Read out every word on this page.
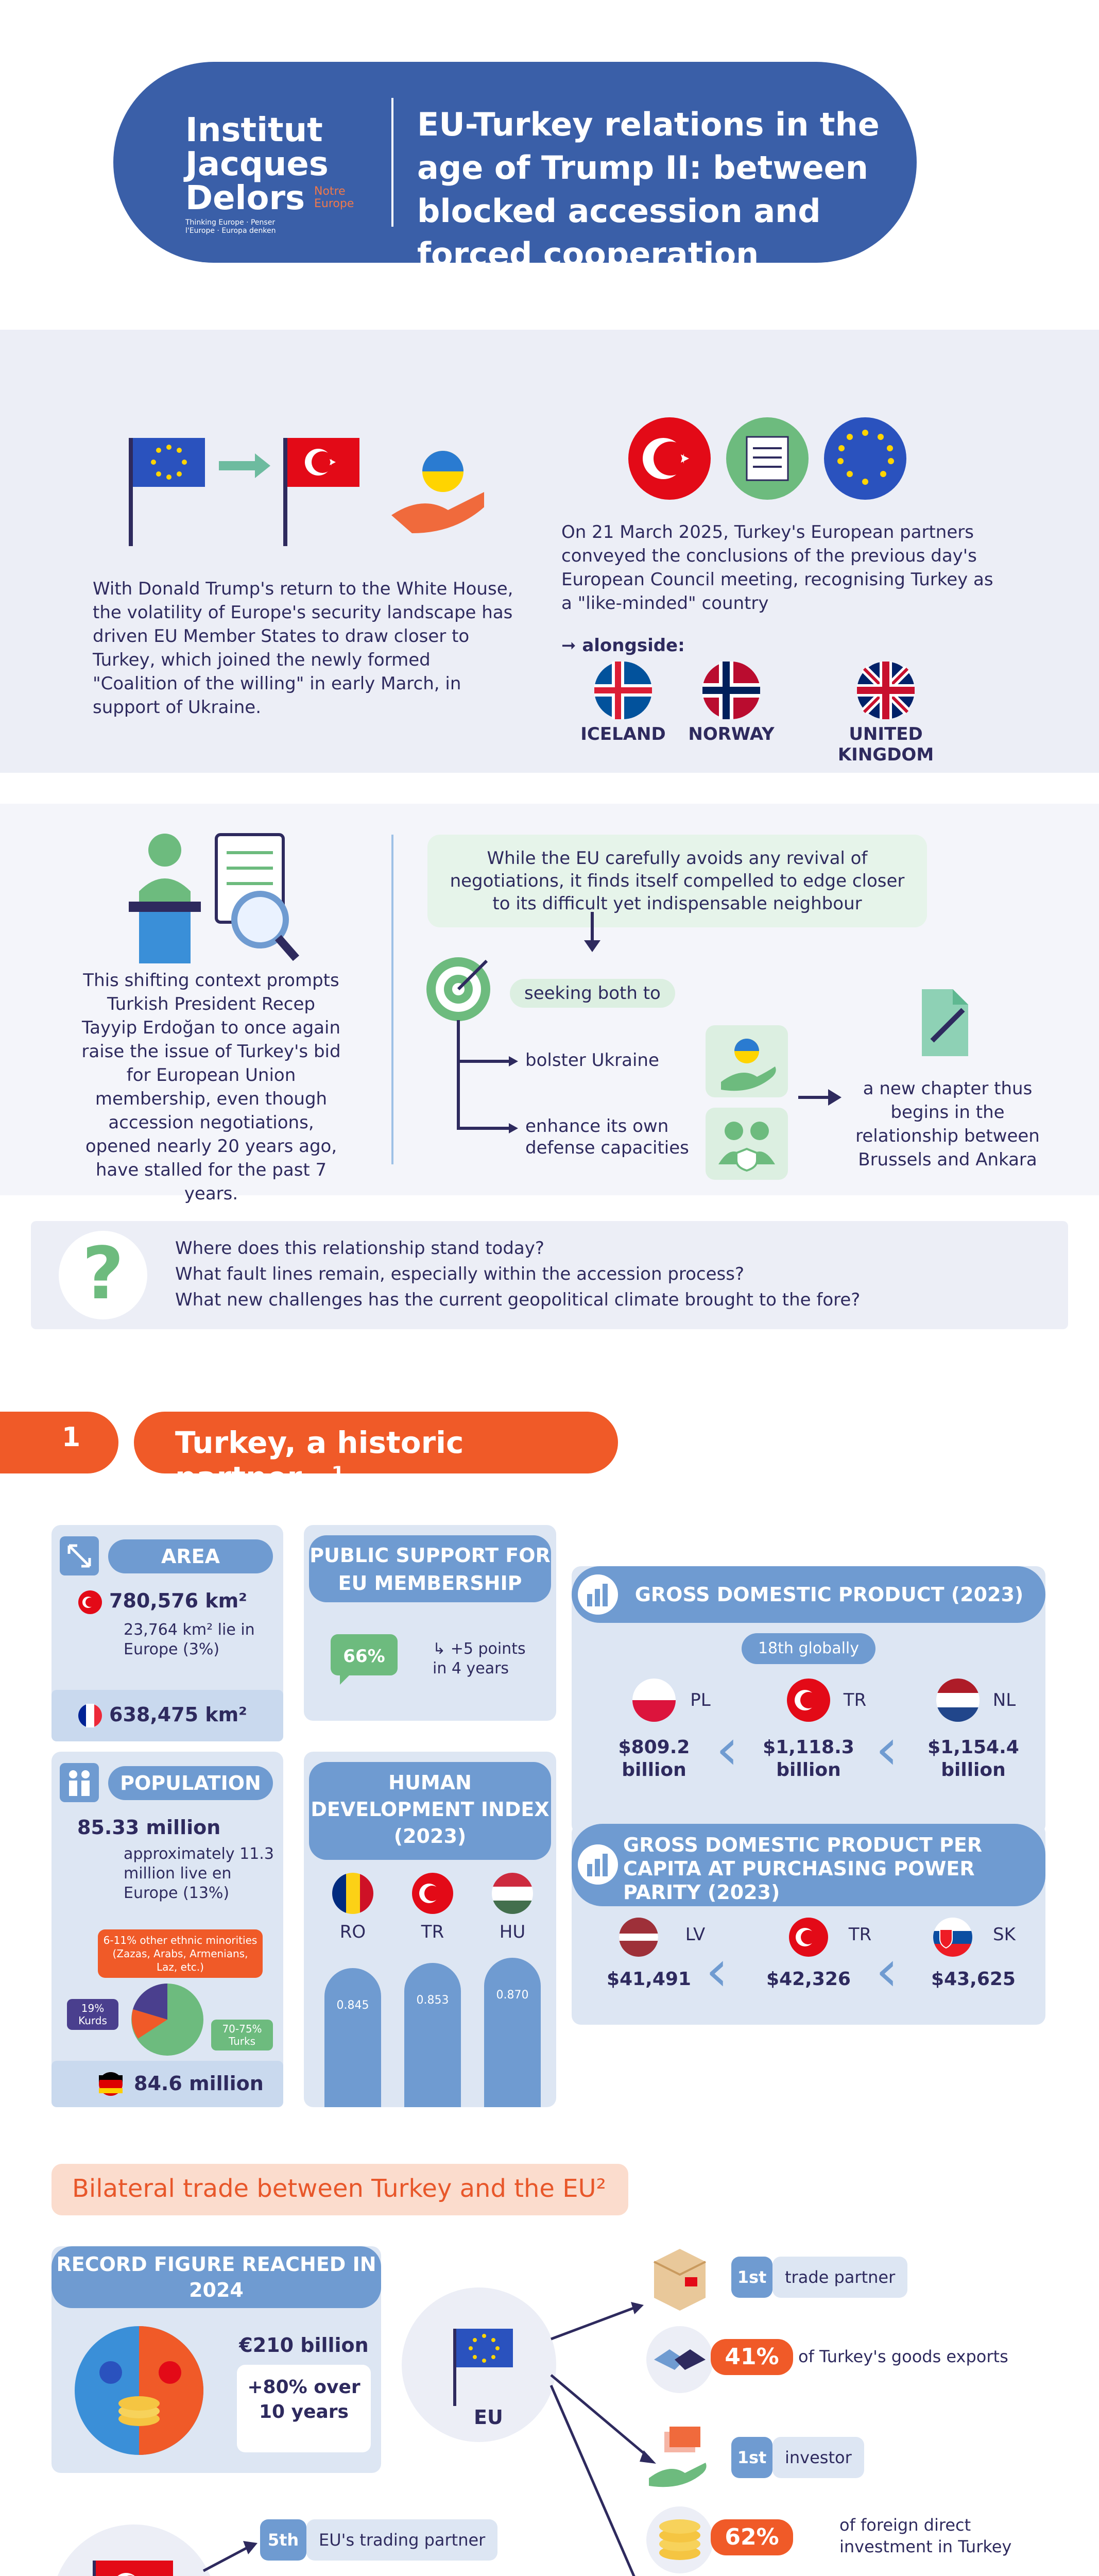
Institut
Jacques
Delors
Thinking Europe · Penser l'Europe · Europa denken
Notre
Europe
EU-Turkey relations in the age of Trump II: between blocked accession and forced cooperation
With Donald Trump's return to the White House, the volatility of Europe's security landscape has driven EU Member States to draw closer to Turkey, which joined the newly formed "Coalition of the willing" in early March, in support of Ukraine.
On 21 March 2025, Turkey's European partners conveyed the conclusions of the previous day's European Council meeting, recognising Turkey as a "like-minded" country
➞ alongside:
ICELAND	NORWAY	UNITED KINGDOM
This shifting context prompts Turkish President Recep Tayyip Erdoğan to once again raise the issue of Turkey's bid for European Union membership, even though accession negotiations, opened nearly 20 years ago, have stalled for the past 7 years.
While the EU carefully avoids any revival of negotiations, it finds itself compelled to edge closer to its difficult yet indispensable neighbour
seeking both to
bolster Ukraine
enhance its own defense capacities
a new chapter thus begins in the relationship between Brussels and Ankara
?	Where does this relationship stand today?
What fault lines remain, especially within the accession process?
What new challenges has the current geopolitical climate brought to the fore?
1	Turkey, a historic partner…¹
AREA
780,576 km²
23,764 km² lie in Europe (3%)
638,475 km²
PUBLIC SUPPORT FOR EU MEMBERSHIP
66%	↳ +5 points in 4 years
POPULATION
85.33 million
approximately 11.3 million live en Europe (13%)
6-11% other ethnic minorities (Zazas, Arabs, Armenians, Laz, etc.)
19% Kurds
70-75% Turks
84.6 million
HUMAN DEVELOPMENT INDEX (2023)
RO	TR	HU
0.845	0.853	0.870
GROSS DOMESTIC PRODUCT (2023)
18th globally
PL	TR	NL
‹ ‹
$809.2 billion
$1,118.3 billion
$1,154.4 billion
GROSS DOMESTIC PRODUCT PER CAPITA AT PURCHASING POWER PARITY (2023)
LV	TR	SK
‹	‹
$41,491	$42,326	$43,625
Bilateral trade between Turkey and the EU²
RECORD FIGURE REACHED IN 2024
€210 billion
+80% over 10 years	EU
1st	trade partner
41%	of Turkey's goods exports
1st	investor
62%	of foreign direct investment in Turkey
5th	EU's trading partner
